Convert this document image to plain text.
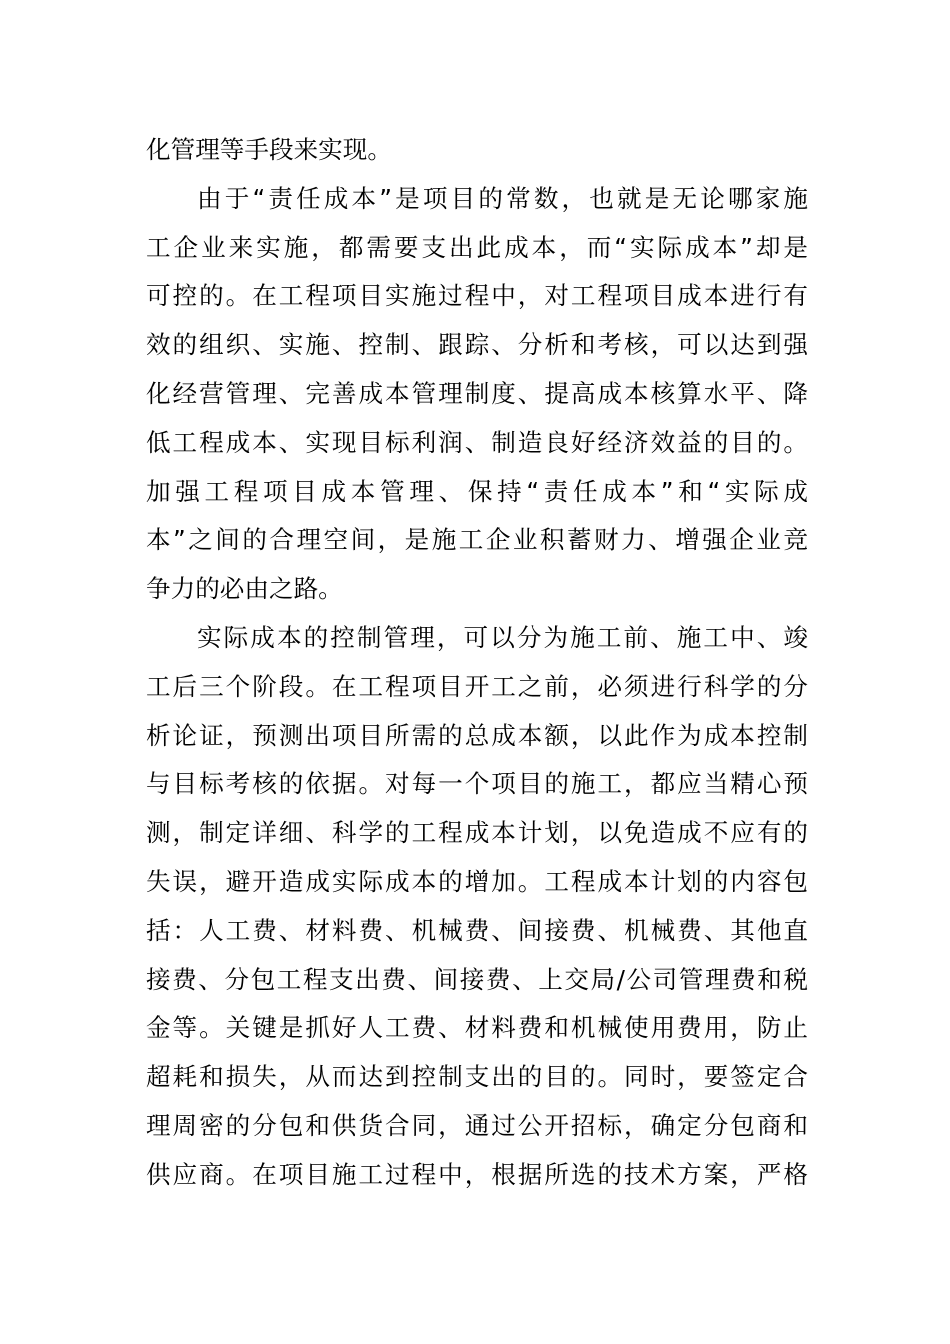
化管理等手段来实现。
由于“责任成本”是项目的常数，也就是无论哪家施
工企业来实施，都需要支出此成本，而“实际成本”却是
可控的。在工程项目实施过程中，对工程项目成本进行有
效的组织、实施、控制、跟踪、分析和考核，可以达到强
化经营管理、完善成本管理制度、提高成本核算水平、降
低工程成本、实现目标利润、制造良好经济效益的目的。
加强工程项目成本管理、保持“责任成本”和“实际成
本”之间的合理空间，是施工企业积蓄财力、增强企业竞
争力的必由之路。
实际成本的控制管理，可以分为施工前、施工中、竣
工后三个阶段。在工程项目开工之前，必须进行科学的分
析论证，预测出项目所需的总成本额，以此作为成本控制
与目标考核的依据。对每一个项目的施工，都应当精心预
测，制定详细、科学的工程成本计划，以免造成不应有的
失误，避开造成实际成本的增加。工程成本计划的内容包
括：人工费、材料费、机械费、间接费、机械费、其他直
接费、分包工程支出费、间接费、上交局/公司管理费和税
金等。关键是抓好人工费、材料费和机械使用费用，防止
超耗和损失，从而达到控制支出的目的。同时，要签定合
理周密的分包和供货合同，通过公开招标，确定分包商和
供应商。在项目施工过程中，根据所选的技术方案，严格
